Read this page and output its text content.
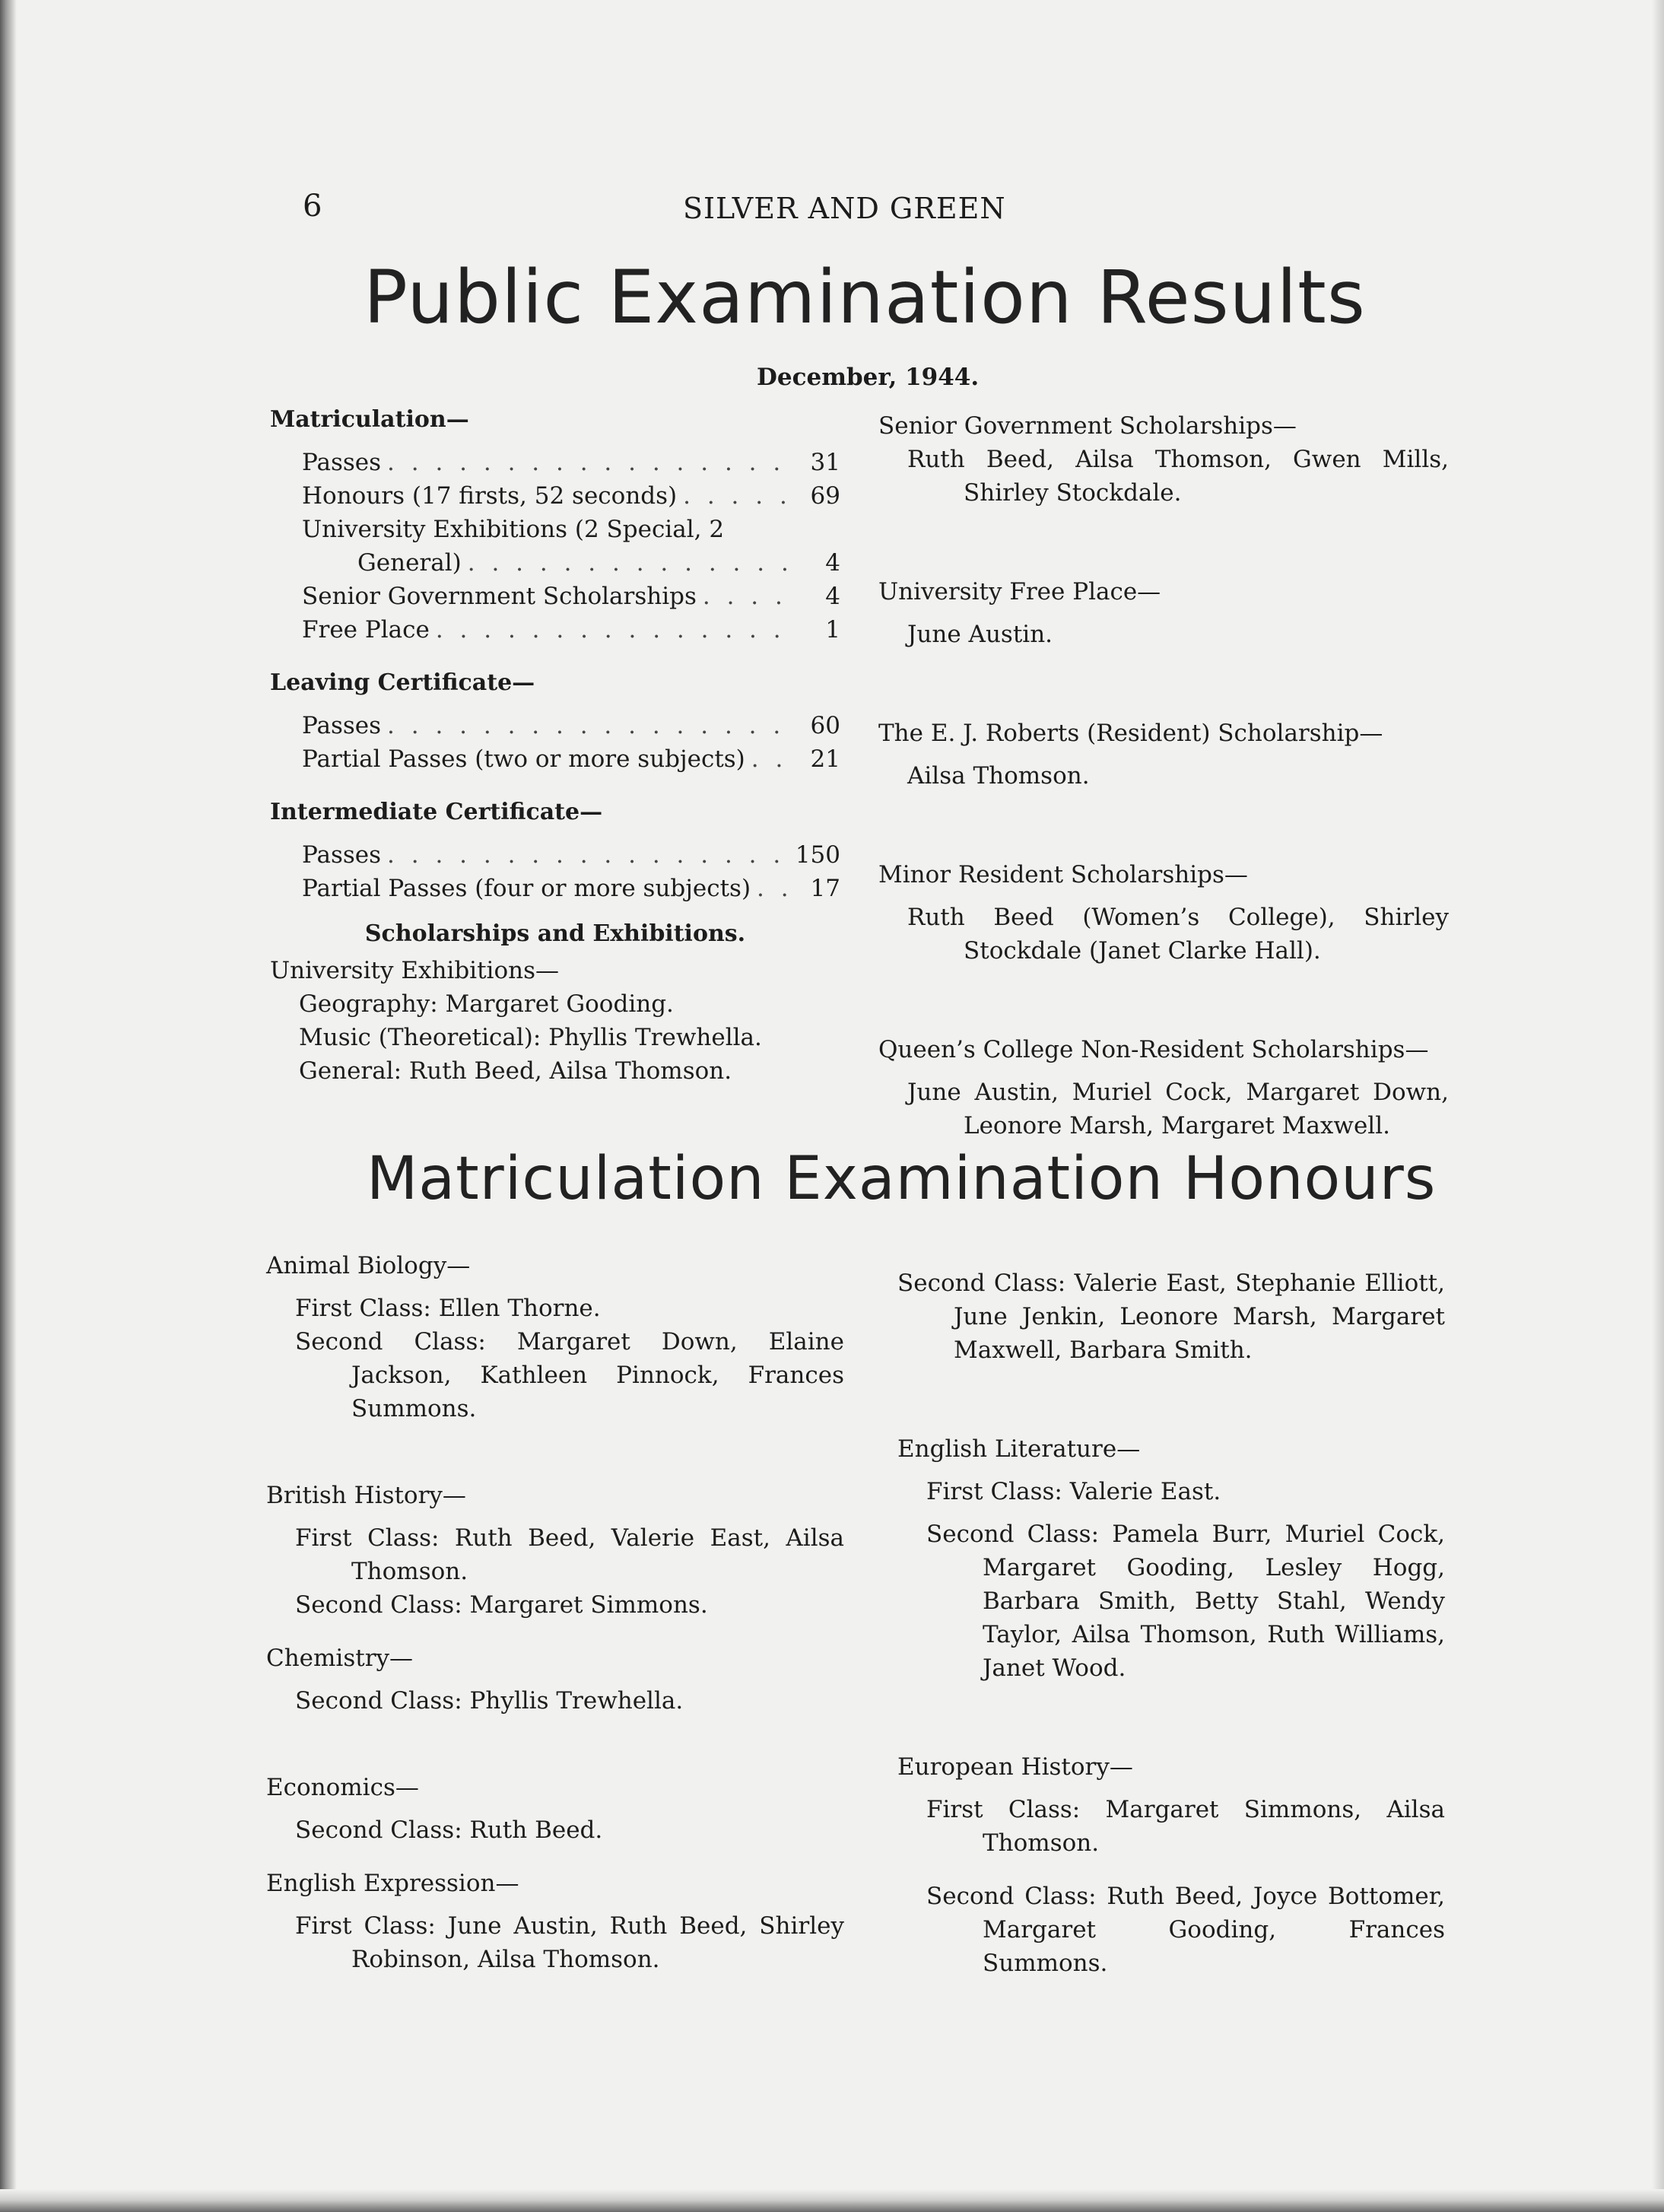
6	SILVER AND GREEN
Public Examination Results
December, 1944.
Matriculation—
Passes . . .	31
Honours (17 firsts, 52 seconds) . . .	69
University Exhibitions (2 Special, 2
General) . . .	4
Senior Government Scholarships . . .	4
Free Place . . .	1
Leaving Certificate—
Passes . . .	60
Partial Passes (two or more subjects) . . .	21
Intermediate Certificate—
Passes . . .	150
Partial Passes (four or more subjects) . . .	17
Scholarships and Exhibitions.
University Exhibitions—
Geography: Margaret Gooding.
Music (Theoretical): Phyllis Trewhella.
General: Ruth Beed, Ailsa Thomson.
Senior Government Scholarships—
Ruth Beed, Ailsa Thomson, Gwen Mills, Shirley Stockdale.
University Free Place—
June Austin.
The E. J. Roberts (Resident) Scholarship—
Ailsa Thomson.
Minor Resident Scholarships—
Ruth Beed (Women’s College), Shirley Stockdale (Janet Clarke Hall).
Queen’s College Non-Resident Scholarships—
June Austin, Muriel Cock, Margaret Down, Leonore Marsh, Margaret Maxwell.
Matriculation Examination Honours
Animal Biology—
First Class: Ellen Thorne.
Second Class: Margaret Down, Elaine Jackson, Kathleen Pinnock, Frances Summons.
British History—
First Class: Ruth Beed, Valerie East, Ailsa Thomson.
Second Class: Margaret Simmons.
Chemistry—
Second Class: Phyllis Trewhella.
Economics—
Second Class: Ruth Beed.
English Expression—
First Class: June Austin, Ruth Beed, Shirley Robinson, Ailsa Thomson.
Second Class: Valerie East, Stephanie Elliott, June Jenkin, Leonore Marsh, Margaret Maxwell, Barbara Smith.
English Literature—
First Class: Valerie East.
Second Class: Pamela Burr, Muriel Cock, Margaret Gooding, Lesley Hogg, Barbara Smith, Betty Stahl, Wendy Taylor, Ailsa Thomson, Ruth Williams, Janet Wood.
European History—
First Class: Margaret Simmons, Ailsa Thomson.
Second Class: Ruth Beed, Joyce Bottomer, Margaret Gooding, Frances Summons.
